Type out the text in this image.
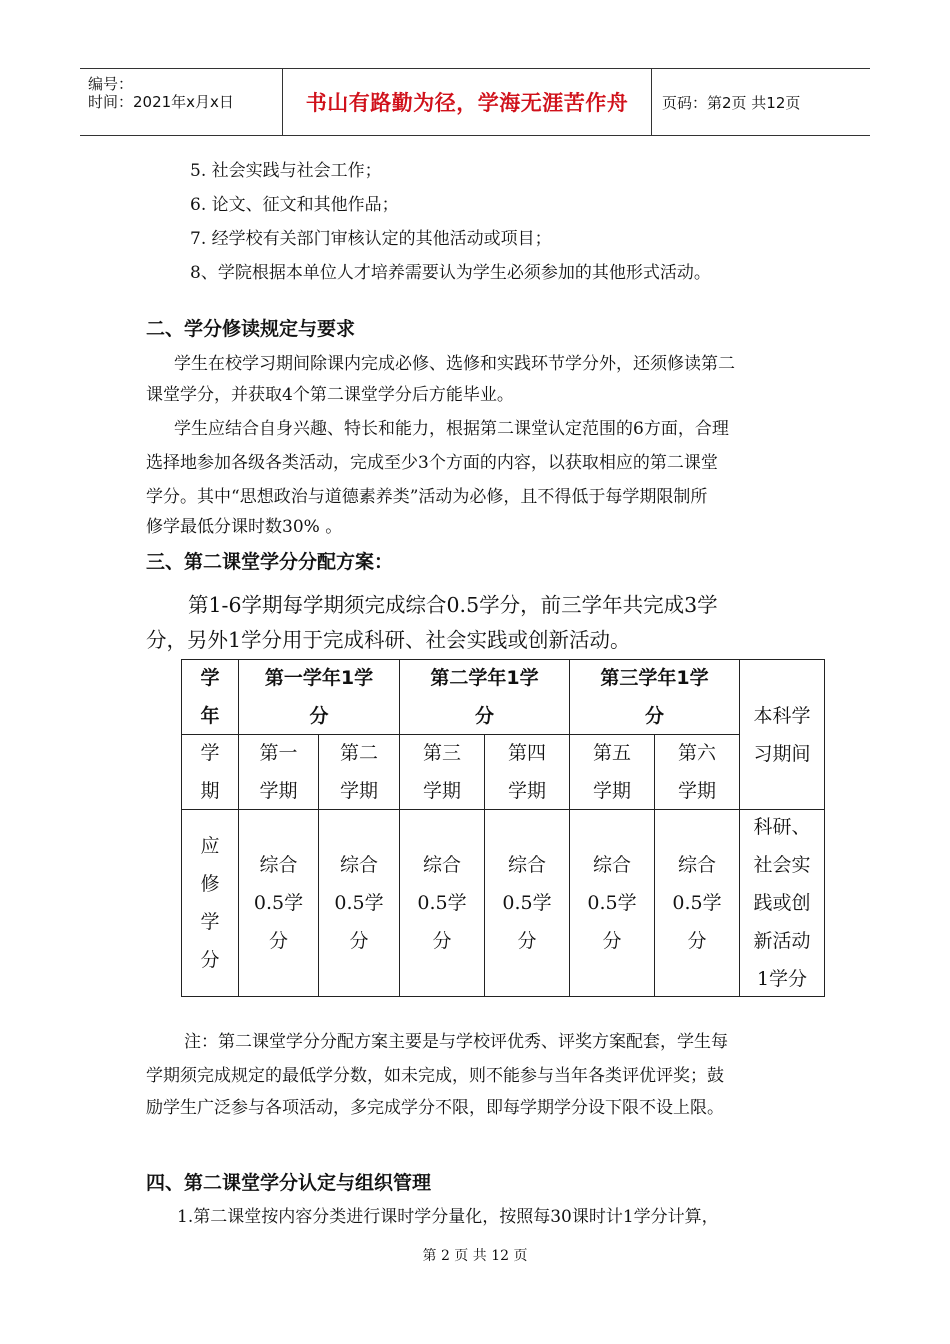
编号：
时间：2021年x月x日	书山有路勤为径，学海无涯苦作舟 页码：第2页 共12页
5. 社会实践与社会工作；
6. 论文、征文和其他作品；
7. 经学校有关部门审核认定的其他活动或项目；
8、学院根据本单位人才培养需要认为学生必须参加的其他形式活动。
二、学分修读规定与要求
学生在校学习期间除课内完成必修、选修和实践环节学分外，还须修读第二
课堂学分，并获取4个第二课堂学分后方能毕业。
学生应结合自身兴趣、特长和能力，根据第二课堂认定范围的6方面，合理
选择地参加各级各类活动，完成至少3个方面的内容，以获取相应的第二课堂
学分。其中“思想政治与道德素养类”活动为必修，且不得低于每学期限制所
修学最低分课时数30% 。
三、第二课堂学分分配方案：
第1-6学期每学期须完成综合0.5学分，前三学年共完成3学
分，另外1学分用于完成科研、社会实践或创新活动。
学
年
第一学年1学
分
第二学年1学
分
第三学年1学
分	本科学
习期间
学
期
第一
学期
第二
学期
第三
学期
第四
学期
第五
学期
第六
学期
应
修
学
分
综合
0.5学
分
综合
0.5学
分
综合
0.5学
分
综合
0.5学
分
综合
0.5学
分
综合
0.5学
分
科研、
社会实
践或创
新活动
1学分
注：第二课堂学分分配方案主要是与学校评优秀、评奖方案配套，学生每
学期须完成规定的最低学分数，如未完成，则不能参与当年各类评优评奖；鼓
励学生广泛参与各项活动，多完成学分不限，即每学期学分设下限不设上限。
四、第二课堂学分认定与组织管理
1.第二课堂按内容分类进行课时学分量化，按照每30课时计1学分计算，
第 2 页 共 12 页
